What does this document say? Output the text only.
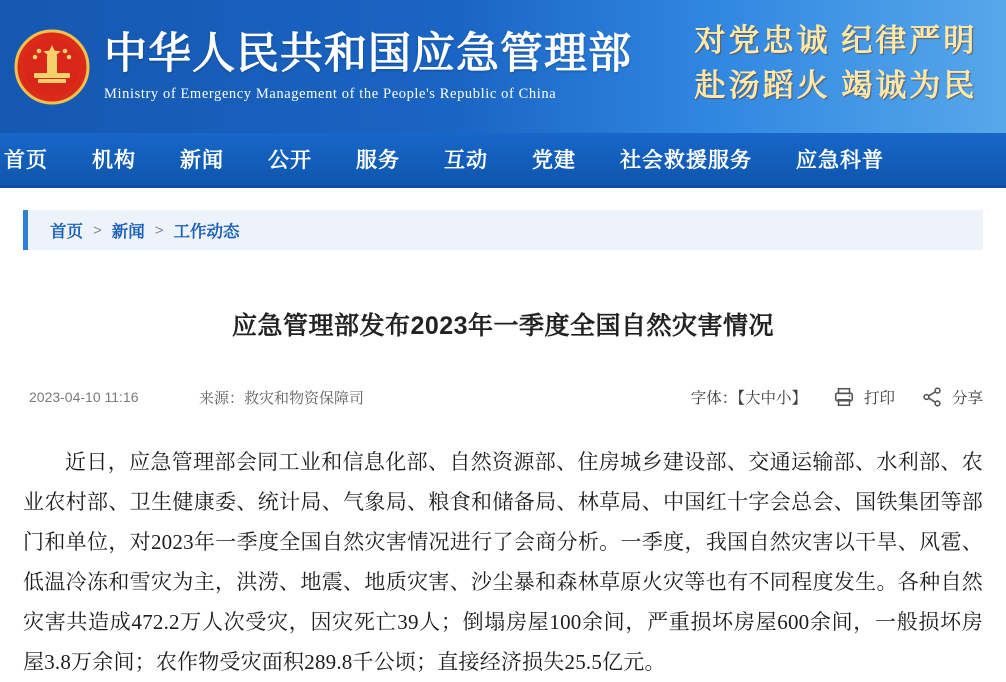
中华人民共和国应急管理部
Ministry of Emergency Management of the People's Republic of China
对党忠诚 纪律严明
赴汤蹈火 竭诚为民
首页	机构	新闻	公开	服务	互动	党建	社会救援服务	应急科普
首页 > 新闻 > 工作动态
应急管理部发布2023年一季度全国自然灾害情况
2023-04-10 11:16	来源：救灾和物资保障司	字体：【大中小】	打印	分享
近日，应急管理部会同工业和信息化部、自然资源部、住房城乡建设部、交通运输部、水利部、农业农村部、卫生健康委、统计局、气象局、粮食和储备局、林草局、中国红十字会总会、国铁集团等部门和单位，对2023年一季度全国自然灾害情况进行了会商分析。一季度，我国自然灾害以干旱、风雹、低温冷冻和雪灾为主，洪涝、地震、地质灾害、沙尘暴和森林草原火灾等也有不同程度发生。各种自然灾害共造成472.2万人次受灾，因灾死亡39人；倒塌房屋100余间，严重损坏房屋600余间，一般损坏房屋3.8万余间；农作物受灾面积289.8千公顷；直接经济损失25.5亿元。
